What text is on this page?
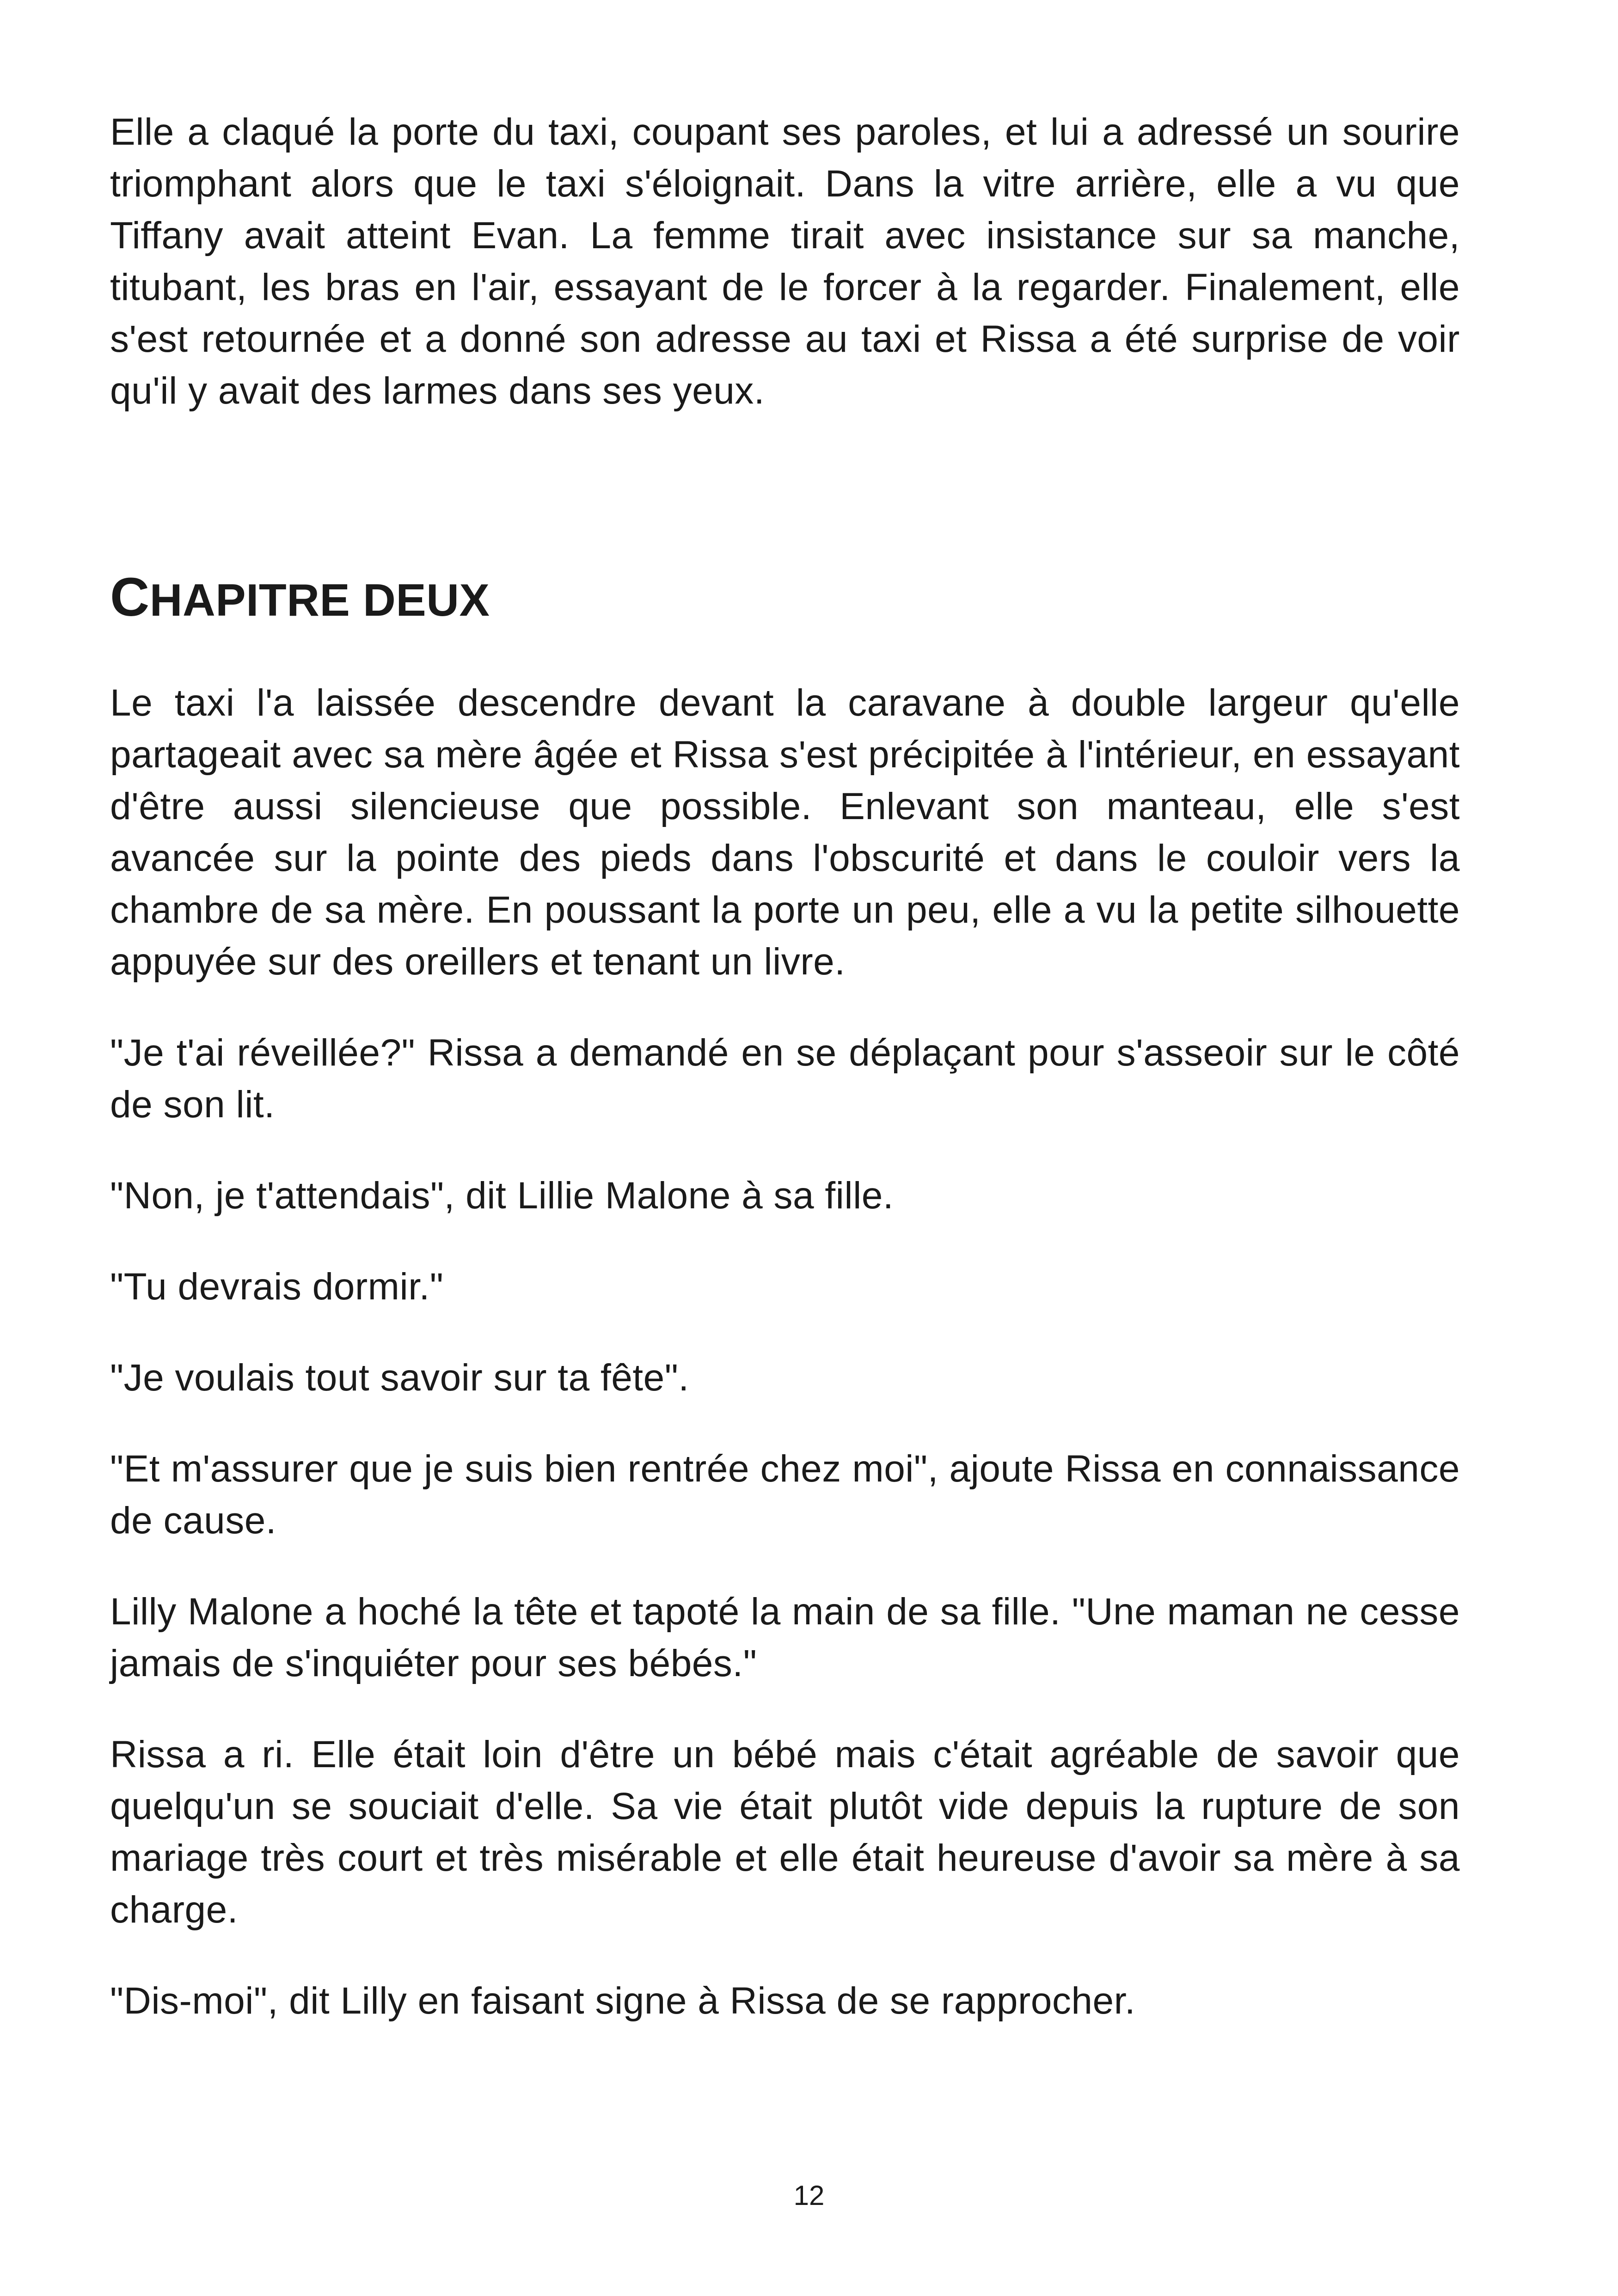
Elle a claqué la porte du taxi, coupant ses paroles, et lui a adressé un sourire triomphant alors que le taxi s'éloignait. Dans la vitre arrière, elle a vu que Tiffany avait atteint Evan. La femme tirait avec insistance sur sa manche, titubant, les bras en l'air, essayant de le forcer à la regarder. Finalement, elle s'est retournée et a donné son adresse au taxi et Rissa a été surprise de voir qu'il y avait des larmes dans ses yeux.

CHAPITRE DEUX

Le taxi l'a laissée descendre devant la caravane à double largeur qu'elle partageait avec sa mère âgée et Rissa s'est précipitée à l'intérieur, en essayant d'être aussi silencieuse que possible. Enlevant son manteau, elle s'est avancée sur la pointe des pieds dans l'obscurité et dans le couloir vers la chambre de sa mère. En poussant la porte un peu, elle a vu la petite silhouette appuyée sur des oreillers et tenant un livre.

"Je t'ai réveillée?" Rissa a demandé en se déplaçant pour s'asseoir sur le côté de son lit.

"Non, je t'attendais", dit Lillie Malone à sa fille.

"Tu devrais dormir."

"Je voulais tout savoir sur ta fête".

"Et m'assurer que je suis bien rentrée chez moi", ajoute Rissa en connaissance de cause.

Lilly Malone a hoché la tête et tapoté la main de sa fille. "Une maman ne cesse jamais de s'inquiéter pour ses bébés."

Rissa a ri. Elle était loin d'être un bébé mais c'était agréable de savoir que quelqu'un se souciait d'elle. Sa vie était plutôt vide depuis la rupture de son mariage très court et très misérable et elle était heureuse d'avoir sa mère à sa charge.

"Dis-moi", dit Lilly en faisant signe à Rissa de se rapprocher.

12
